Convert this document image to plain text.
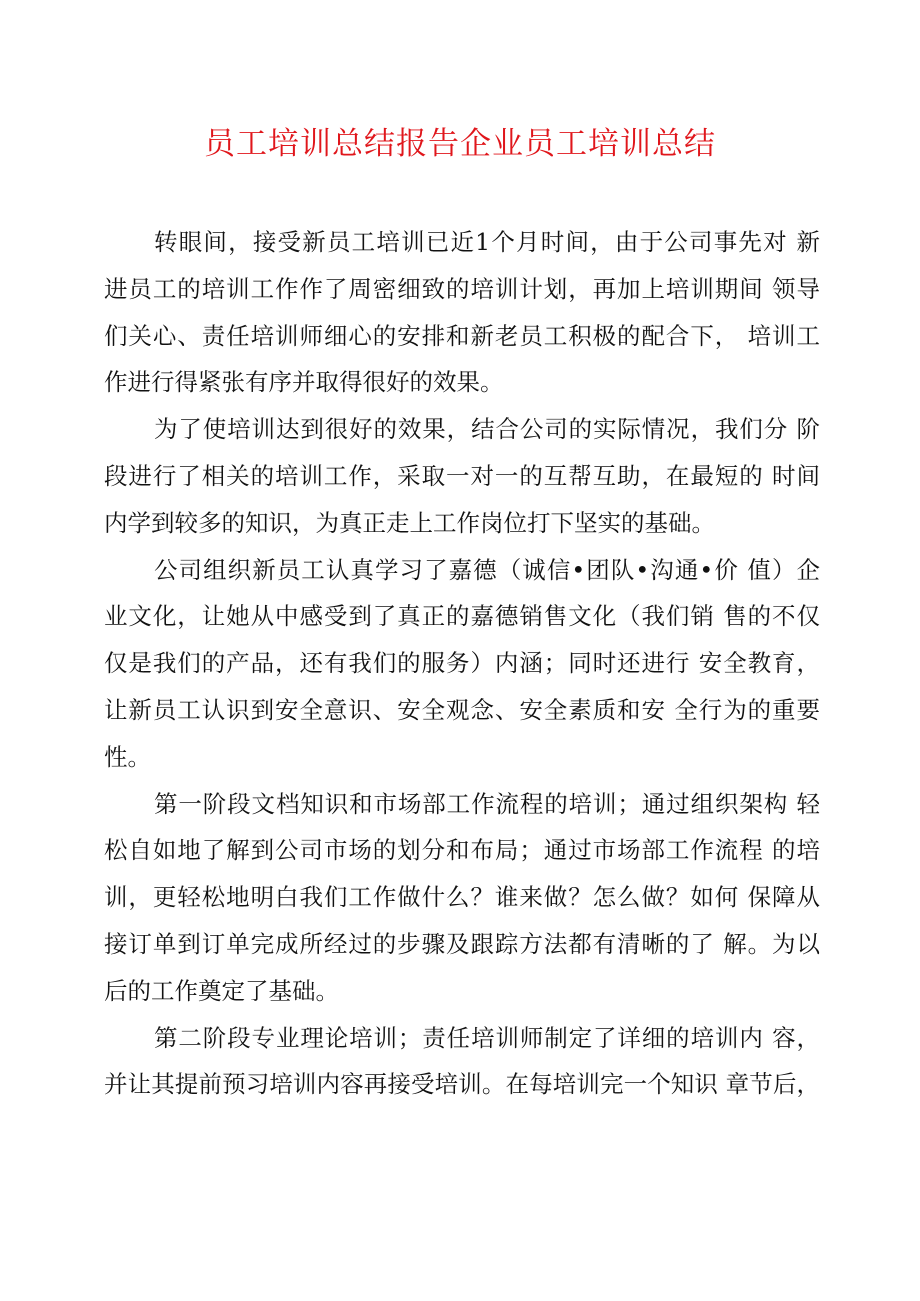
员工培训总结报告企业员工培训总结
转眼间，接受新员工培训已近1个月时间，由于公司事先对 新
进员工的培训工作作了周密细致的培训计划，再加上培训期间 领导
们关心、责任培训师细心的安排和新老员工积极的配合下， 培训工
作进行得紧张有序并取得很好的效果。
为了使培训达到很好的效果，结合公司的实际情况，我们分 阶
段进行了相关的培训工作，采取一对一的互帮互助，在最短的 时间
内学到较多的知识，为真正走上工作岗位打下坚实的基础。
公司组织新员工认真学习了嘉德（诚信•团队•沟通•价 值）企
业文化，让她从中感受到了真正的嘉德销售文化（我们销 售的不仅
仅是我们的产品，还有我们的服务）内涵；同时还进行 安全教育，
让新员工认识到安全意识、安全观念、安全素质和安 全行为的重要
性。
第一阶段文档知识和市场部工作流程的培训；通过组织架构 轻
松自如地了解到公司市场的划分和布局；通过市场部工作流程 的培
训，更轻松地明白我们工作做什么？谁来做？怎么做？如何 保障从
接订单到订单完成所经过的步骤及跟踪方法都有清晰的了 解。为以
后的工作奠定了基础。
第二阶段专业理论培训；责任培训师制定了详细的培训内 容，
并让其提前预习培训内容再接受培训。在每培训完一个知识 章节后，
